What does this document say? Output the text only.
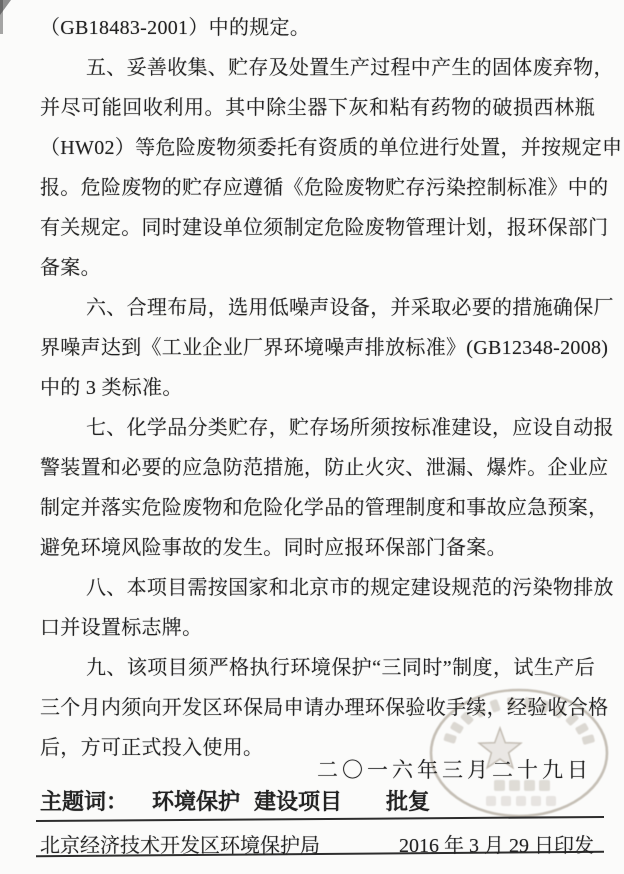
（GB18483-2001）中的规定。
五、妥善收集、贮存及处置生产过程中产生的固体废弃物，
并尽可能回收利用。其中除尘器下灰和粘有药物的破损西林瓶
（HW02）等危险废物须委托有资质的单位进行处置，并按规定申
报。危险废物的贮存应遵循《危险废物贮存污染控制标准》中的
有关规定。同时建设单位须制定危险废物管理计划，报环保部门
备案。
六、合理布局，选用低噪声设备，并采取必要的措施确保厂
界噪声达到《工业企业厂界环境噪声排放标准》(GB12348-2008)
中的 3 类标准。
七、化学品分类贮存，贮存场所须按标准建设，应设自动报
警装置和必要的应急防范措施，防止火灾、泄漏、爆炸。企业应
制定并落实危险废物和危险化学品的管理制度和事故应急预案，
避免环境风险事故的发生。同时应报环保部门备案。
八、本项目需按国家和北京市的规定建设规范的污染物排放
口并设置标志牌。
九、该项目须严格执行环境保护“三同时”制度，试生产后
三个月内须向开发区环保局申请办理环保验收手续，经验收合格
后，方可正式投入使用。
二〇一六年三月二十九日
主题词： 环境保护 建设项目 批复
北京经济技术开发区环境保护局	2016 年 3 月 29 日印发
